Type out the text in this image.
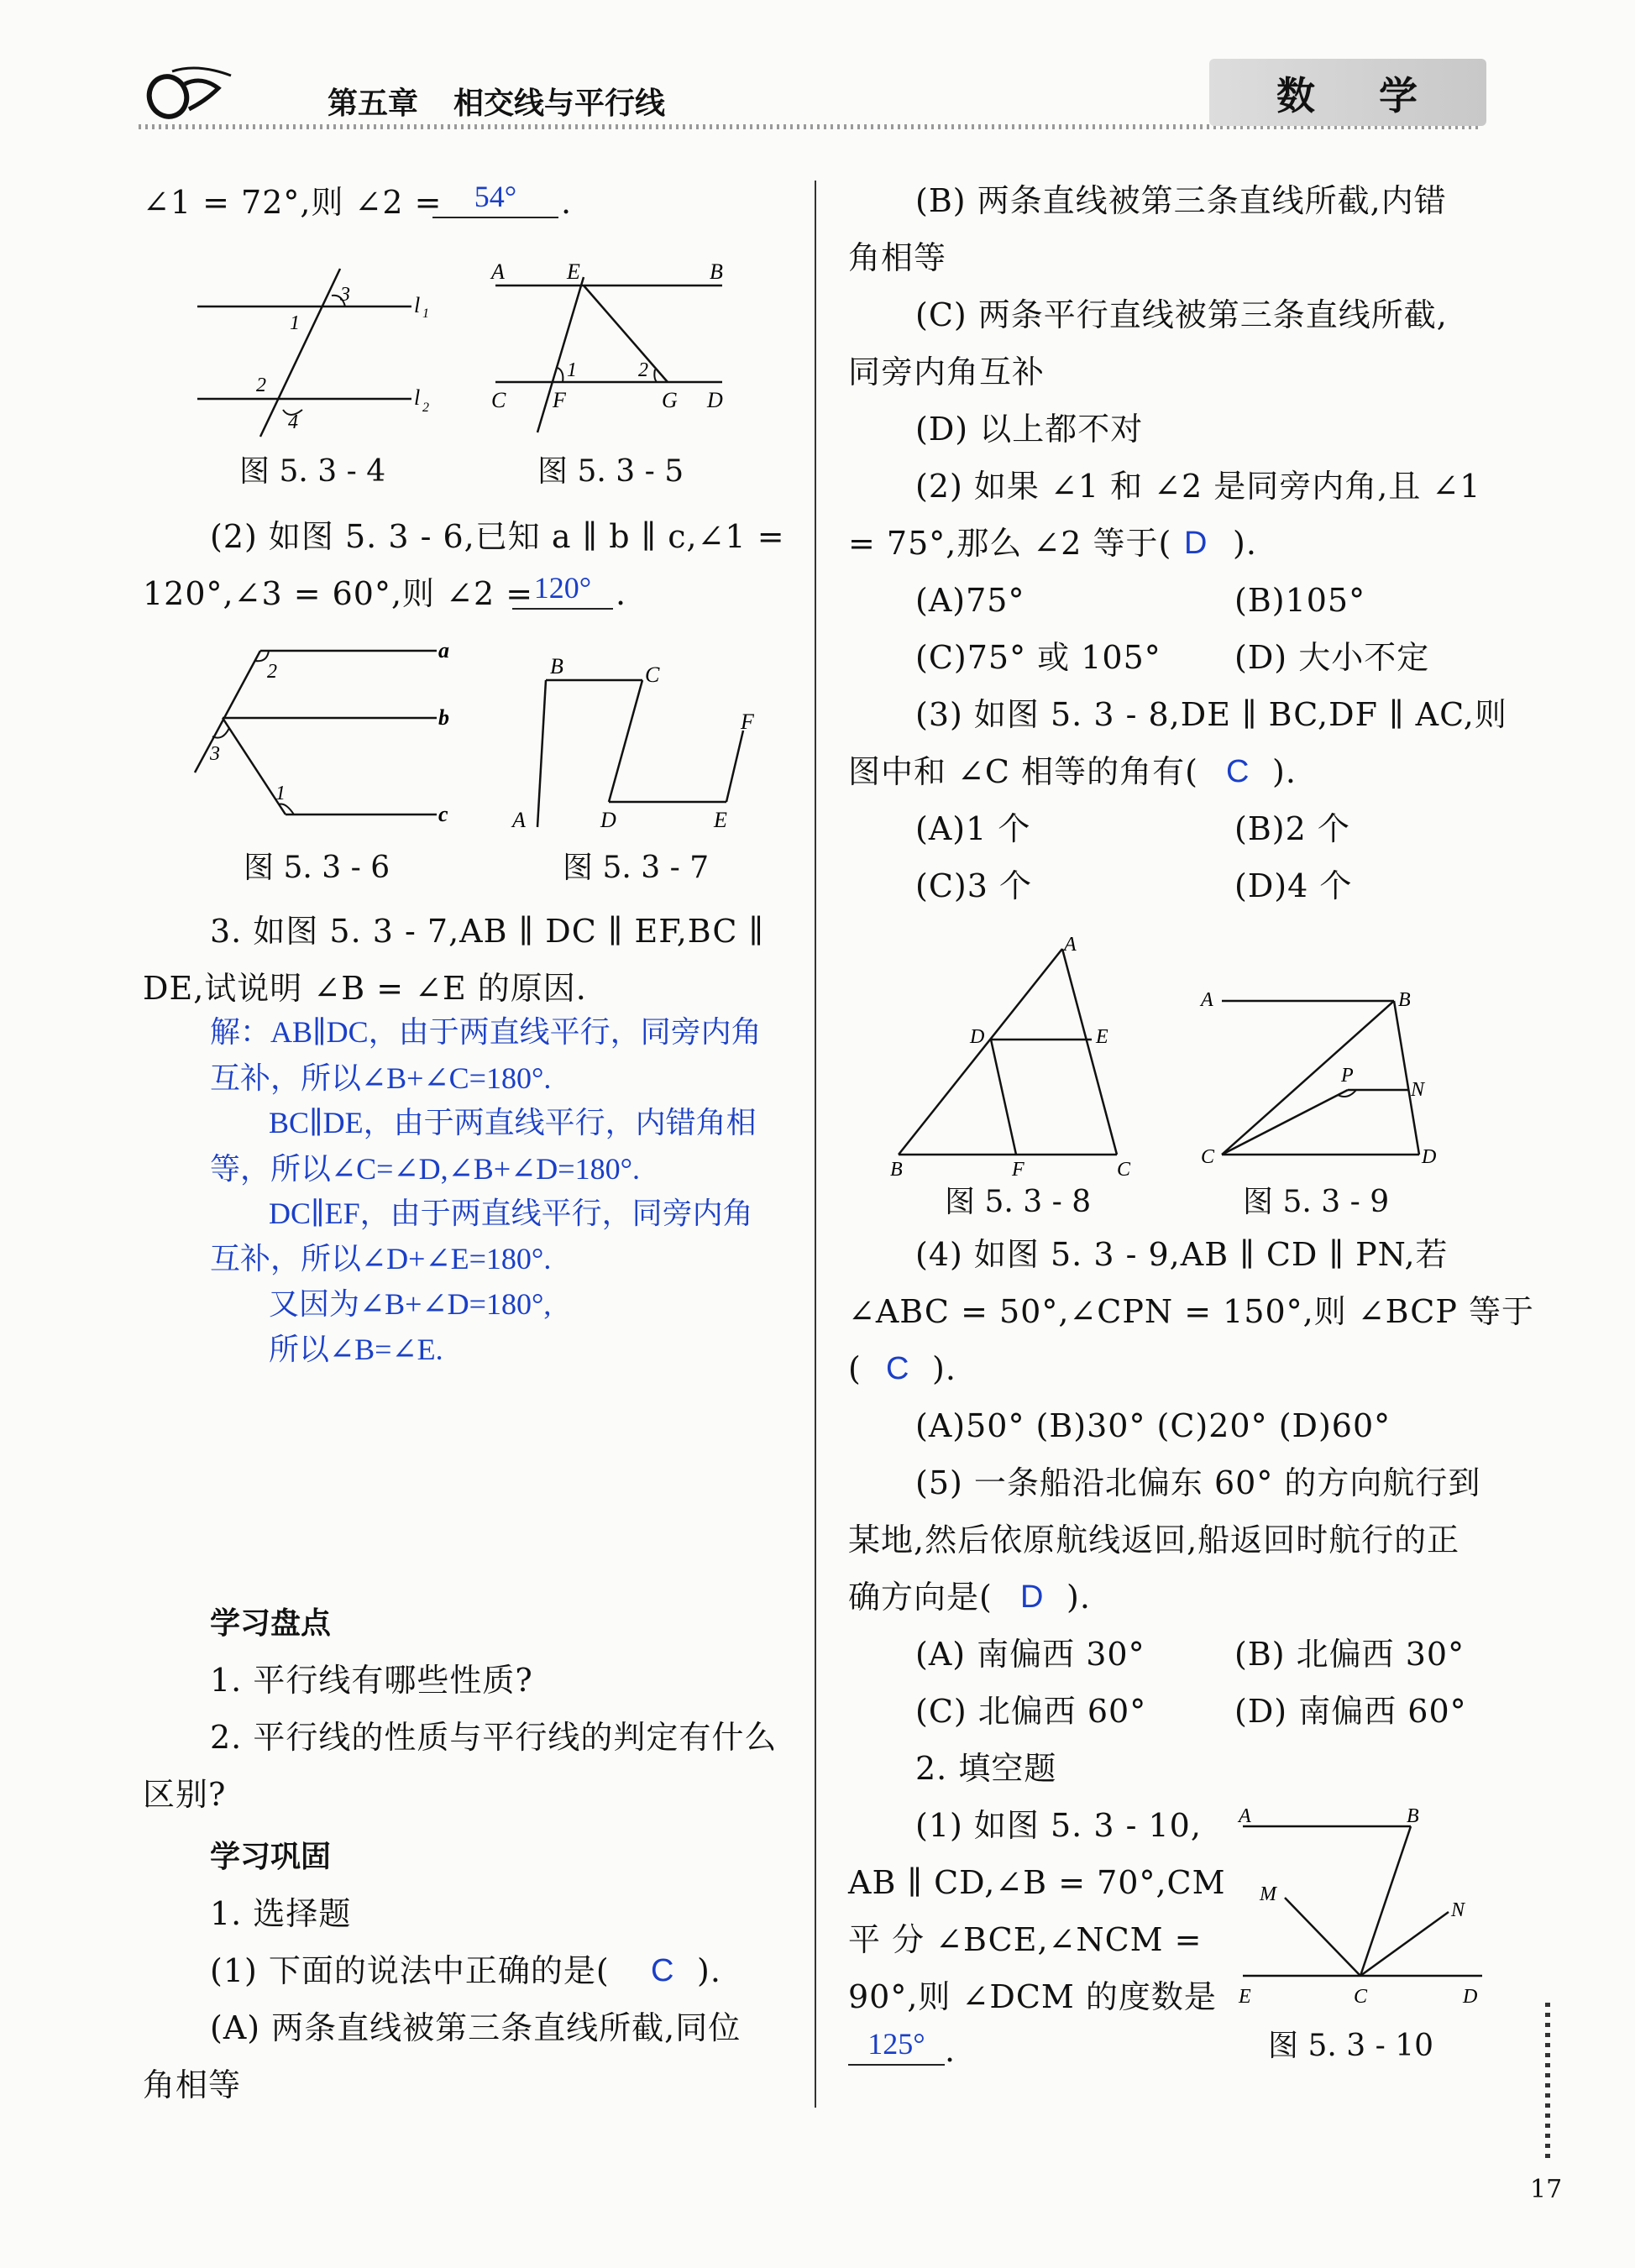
第五章 相交线与平行线	数 学
∠1 = 72°,则 ∠2 =	54°	.
3
1
2
4
l 1
l 2
A	E	B
C F	G D
1	2
图 5. 3 - 4	图 5. 3 - 5
(2) 如图 5. 3 - 6,已知 a ∥ b ∥ c,∠1 =
120°,∠3 = 60°,则 ∠2 = 120° .
2
3
1
a
b
c
B	C
A	D	E
F
图 5. 3 - 6	图 5. 3 - 7
3. 如图 5. 3 - 7,AB ∥ DC ∥ EF,BC ∥
DE,试说明 ∠B = ∠E 的原因.
解：AB∥DC，由于两直线平行，同旁内角
互补，所以∠B+∠C=180°.
BC∥DE，由于两直线平行，内错角相
等，所以∠C=∠D,∠B+∠D=180°.
DC∥EF，由于两直线平行，同旁内角
互补，所以∠D+∠E=180°.
又因为∠B+∠D=180°,
所以∠B=∠E.
学习盘点
1. 平行线有哪些性质?
2. 平行线的性质与平行线的判定有什么
区别?
学习巩固
1. 选择题
(1) 下面的说法中正确的是( C ).
(A) 两条直线被第三条直线所截,同位
角相等
(B) 两条直线被第三条直线所截,内错
角相等
(C) 两条平行直线被第三条直线所截,
同旁内角互补
(D) 以上都不对
(2) 如果 ∠1 和 ∠2 是同旁内角,且 ∠1
= 75°,那么 ∠2 等于( D ).
(A)75°	(B)105°
(C)75° 或 105° (D) 大小不定
(3) 如图 5. 3 - 8,DE ∥ BC,DF ∥ AC,则
图中和 ∠C 相等的角有( C ).
(A)1 个	(B)2 个
(C)3 个	(D)4 个
A
D	E
B	F	C
A	B
P
N
C	D
图 5. 3 - 8	图 5. 3 - 9
(4) 如图 5. 3 - 9,AB ∥ CD ∥ PN,若
∠ABC = 50°,∠CPN = 150°,则 ∠BCP 等于
( C ).
(A)50° (B)30° (C)20° (D)60°
(5) 一条船沿北偏东 60° 的方向航行到
某地,然后依原航线返回,船返回时航行的正
确方向是( D ).
(A) 南偏西 30°	(B) 北偏西 30°
(C) 北偏西 60°	(D) 南偏西 60°
2. 填空题
(1) 如图 5. 3 - 10,
AB ∥ CD,∠B = 70°,CM
平 分 ∠BCE,∠NCM =
90°,则 ∠DCM 的度数是
125° .
A	B
M
N
E	C	D
图 5. 3 - 10
17
